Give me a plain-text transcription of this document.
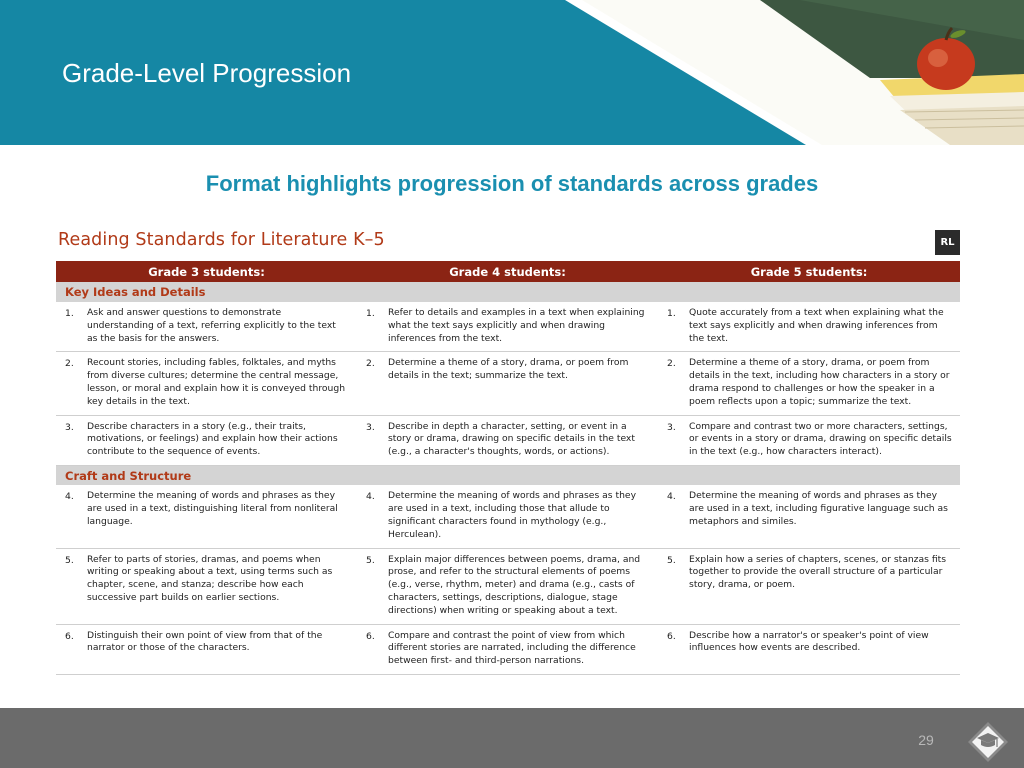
Grade-Level Progression
Format highlights progression of standards across grades
Reading Standards for Literature K–5	RL
Grade 3 students:		Grade 4 students:		Grade 5 students:	
Key Ideas and Details					
1.	Ask and answer questions to demonstrate understanding of a text, referring explicitly to the text as the basis for the answers.	1.	Refer to details and examples in a text when explaining what the text says explicitly and when drawing inferences from the text.	1.	Quote accurately from a text when explaining what the text says explicitly and when drawing inferences from the text.
2.	Recount stories, including fables, folktales, and myths from diverse cultures; determine the central message, lesson, or moral and explain how it is conveyed through key details in the text.	2.	Determine a theme of a story, drama, or poem from details in the text; summarize the text.	2.	Determine a theme of a story, drama, or poem from details in the text, including how characters in a story or drama respond to challenges or how the speaker in a poem reflects upon a topic; summarize the text.
3.	Describe characters in a story (e.g., their traits, motivations, or feelings) and explain how their actions contribute to the sequence of events.	3.	Describe in depth a character, setting, or event in a story or drama, drawing on specific details in the text (e.g., a character's thoughts, words, or actions).	3.	Compare and contrast two or more characters, settings, or events in a story or drama, drawing on specific details in the text (e.g., how characters interact).
Craft and Structure					
4.	Determine the meaning of words and phrases as they are used in a text, distinguishing literal from nonliteral language.	4.	Determine the meaning of words and phrases as they are used in a text, including those that allude to significant characters found in mythology (e.g., Herculean).	4.	Determine the meaning of words and phrases as they are used in a text, including figurative language such as metaphors and similes.
5.	Refer to parts of stories, dramas, and poems when writing or speaking about a text, using terms such as chapter, scene, and stanza; describe how each successive part builds on earlier sections.	5.	Explain major differences between poems, drama, and prose, and refer to the structural elements of poems (e.g., verse, rhythm, meter) and drama (e.g., casts of characters, settings, descriptions, dialogue, stage directions) when writing or speaking about a text.	5.	Explain how a series of chapters, scenes, or stanzas fits together to provide the overall structure of a particular story, drama, or poem.
6.	Distinguish their own point of view from that of the narrator or those of the characters.	6.	Compare and contrast the point of view from which different stories are narrated, including the difference between first- and third-person narrations.	6.	Describe how a narrator's or speaker's point of view influences how events are described.
29
